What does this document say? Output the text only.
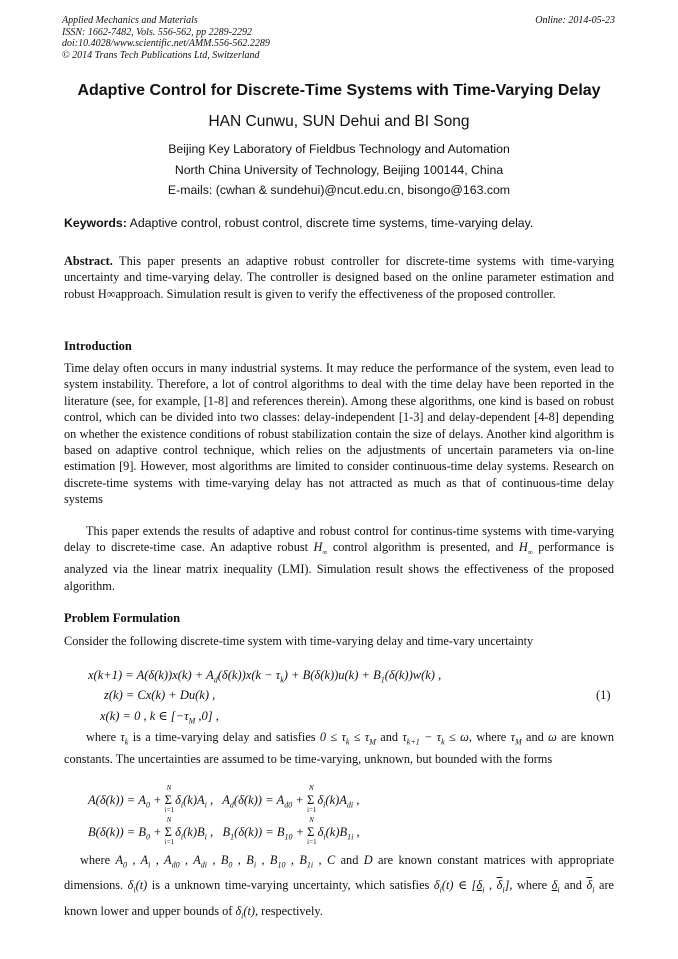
Applied Mechanics and Materials
ISSN: 1662-7482, Vols. 556-562, pp 2289-2292
doi:10.4028/www.scientific.net/AMM.556-562.2289
© 2014 Trans Tech Publications Ltd, Switzerland
Online: 2014-05-23
Adaptive Control for Discrete-Time Systems with Time-Varying Delay
HAN Cunwu, SUN Dehui and BI Song
Beijing Key Laboratory of Fieldbus Technology and Automation
North China University of Technology, Beijing 100144, China
E-mails: (cwhan & sundehui)@ncut.edu.cn, bisongo@163.com
Keywords: Adaptive control, robust control, discrete time systems, time-varying delay.
Abstract. This paper presents an adaptive robust controller for discrete-time systems with time-varying uncertainty and time-varying delay. The controller is designed based on the online parameter estimation and robust H∞approach. Simulation result is given to verify the effectiveness of the proposed controller.
Introduction
Time delay often occurs in many industrial systems. It may reduce the performance of the system, even lead to system instability. Therefore, a lot of control algorithms to deal with the time delay have been reported in the literature (see, for example, [1-8] and references therein). Among these algorithms, one kind is based on robust control, which can be divided into two classes: delay-independent [1-3] and delay-dependent [4-8] depending on whether the existence conditions of robust stabilization contain the size of delays. Another kind algorithm is based on adaptive control technique, which relies on the adjustments of uncertain parameters via on-line estimation [9]. However, most algorithms are limited to consider continuous-time delay systems. Research on discrete-time systems with time-varying delay has not attracted as much as that of continuous-time delay systems
This paper extends the results of adaptive and robust control for continus-time systems with time-varying delay to discrete-time case. An adaptive robust $H_\infty$ control algorithm is presented, and $H_\infty$ performance is analyzed via the linear matrix inequality (LMI). Simulation result shows the effectiveness of the proposed algorithm.
Problem Formulation
Consider the following discrete-time system with time-varying delay and time-vary uncertainty
$x(k+1) = A(\delta(k))x(k) + A_d(\delta(k))x(k - \tau_k) + B(\delta(k))u(k) + B_1(\delta(k))w(k)$ ,
z(k) = Cx(k) + Du(k) ,	(1)
x(k) = 0 , k ∈ [$-\tau_M$ ,0] ,
where $\tau_k$ is a time-varying delay and satisfies $0 \le \tau_k \le \tau_M$ and $\tau_{k+1} - \tau_k \le \omega$, where $\tau_M$ and ω are known constants. The uncertainties are assumed to be time-varying, unknown, but bounded with the forms
$A(\delta(k)) = A_0 + \Sigma$
N
i=1
$\delta_i(k)A_i$ ,   $A_d(\delta(k)) = A_{d0} + \Sigma$
N
i=1
$\delta_i(k)A_{di}$ ,
$B(\delta(k)) = B_0 + \Sigma$
N
i=1
$\delta_i(k)B_i$ ,   $B_1(\delta(k)) = B_{10} + \Sigma$
N
i=1
$\delta_i(k)B_{1i}$ ,
where $A_0$ , $A_i$ , $A_{d0}$ , $A_{di}$ , $B_0$ , $B_i$ , $B_{10}$ , $B_{1i}$ , C and D are known constant matrices with appropriate dimensions. $\delta_i(t)$ is a unknown time-varying uncertainty, which satisfies $\delta_i(t)$ ∈ [$\delta_i$ , $\overline{\delta}_i$], where $\delta_i$ and $\overline{\delta}_i$ are known lower and upper bounds of $\delta_i(t)$, respectively.
